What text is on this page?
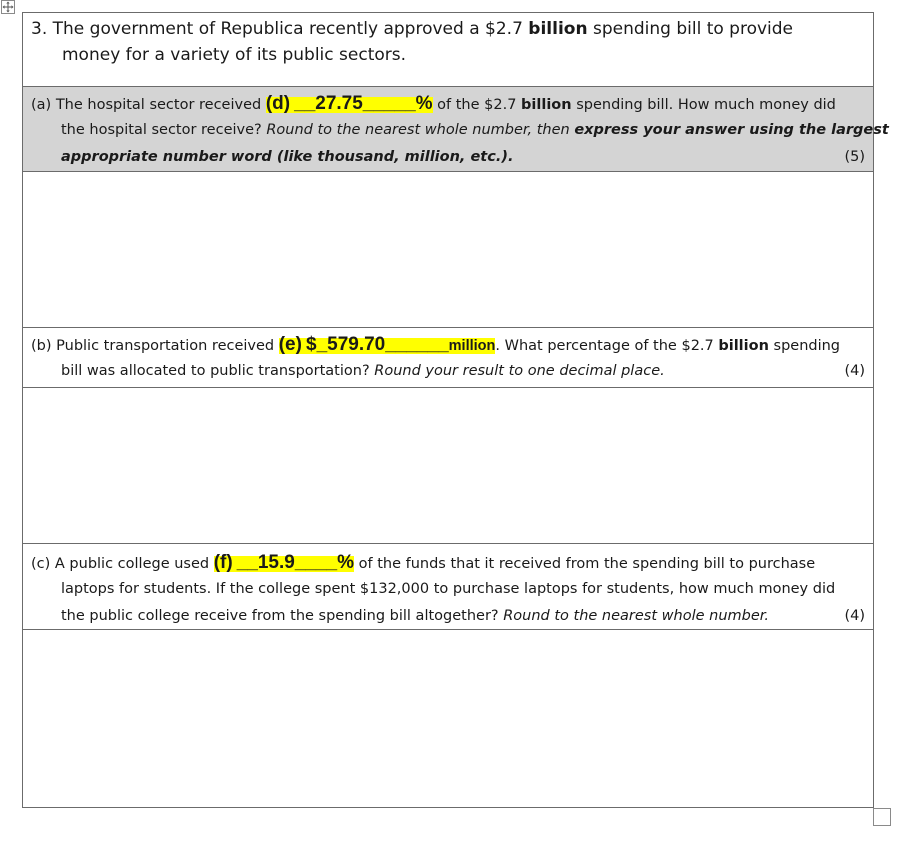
3. The government of Republica recently approved a $2.7 billion spending bill to provide
money for a variety of its public sectors.
(a) The hospital sector received (d) __27.75_____% of the $2.7 billion spending bill. How much money did
the hospital sector receive? Round to the nearest whole number, then express your answer using the largest
appropriate number word (like thousand, million, etc.).	(5)
(b) Public transportation received (e) $_579.70______million. What percentage of the $2.7 billion spending
bill was allocated to public transportation? Round your result to one decimal place.	(4)
(c) A public college used (f) __15.9____% of the funds that it received from the spending bill to purchase
laptops for students. If the college spent $132,000 to purchase laptops for students, how much money did
the public college receive from the spending bill altogether? Round to the nearest whole number.	(4)
